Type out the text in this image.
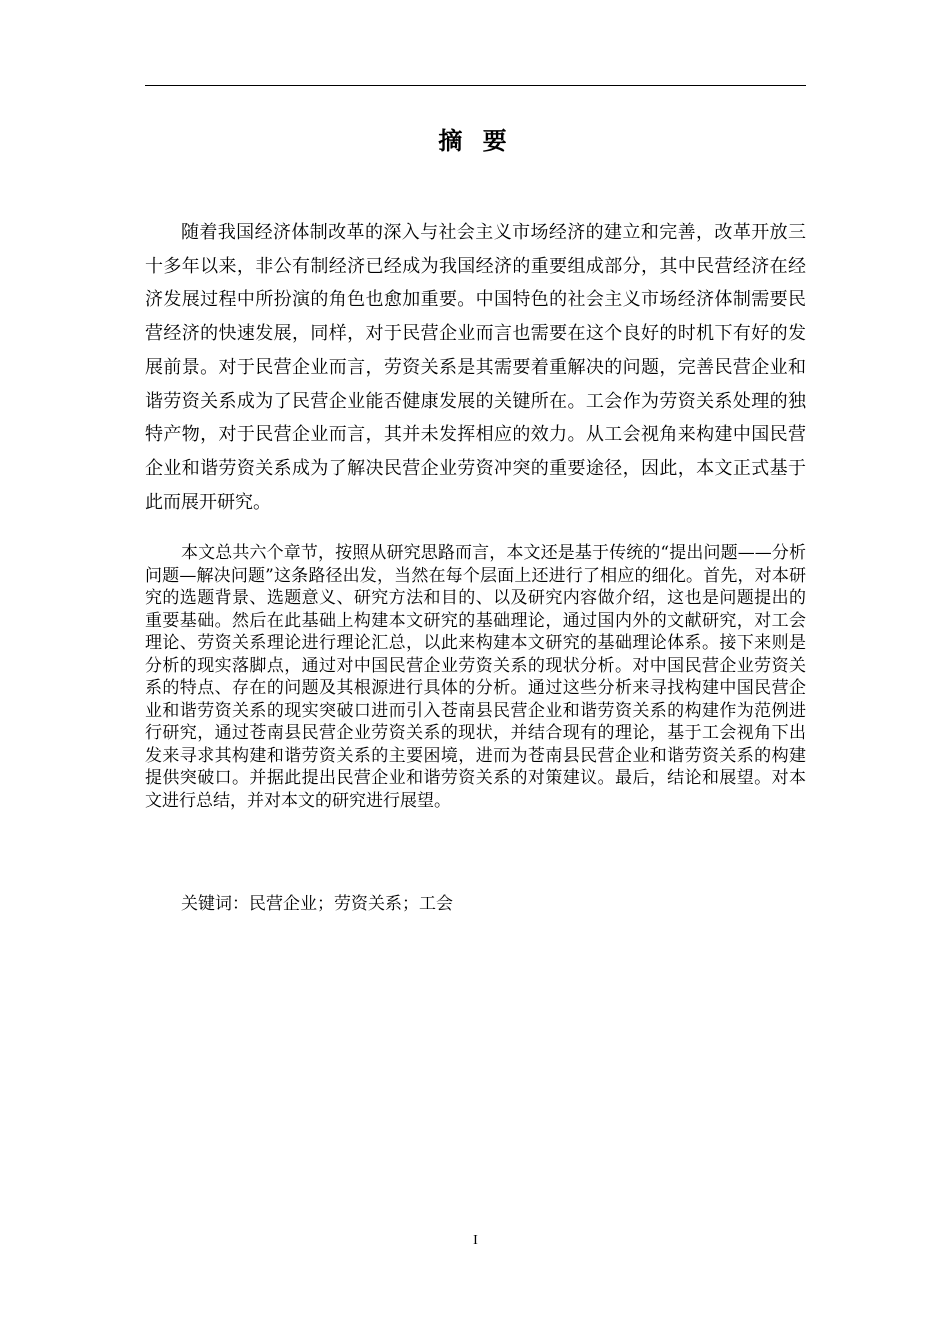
摘 要

随着我国经济体制改革的深入与社会主义市场经济的建立和完善，改革开放三十多年以来，非公有制经济已经成为我国经济的重要组成部分，其中民营经济在经济发展过程中所扮演的角色也愈加重要。中国特色的社会主义市场经济体制需要民营经济的快速发展，同样，对于民营企业而言也需要在这个良好的时机下有好的发展前景。对于民营企业而言，劳资关系是其需要着重解决的问题，完善民营企业和谐劳资关系成为了民营企业能否健康发展的关键所在。工会作为劳资关系处理的独特产物，对于民营企业而言，其并未发挥相应的效力。从工会视角来构建中国民营企业和谐劳资关系成为了解决民营企业劳资冲突的重要途径，因此，本文正式基于此而展开研究。

本文总共六个章节，按照从研究思路而言，本文还是基于传统的“提出问题——分析问题—解决问题”这条路径出发，当然在每个层面上还进行了相应的细化。首先，对本研究的选题背景、选题意义、研究方法和目的、以及研究内容做介绍，这也是问题提出的重要基础。然后在此基础上构建本文研究的基础理论，通过国内外的文献研究，对工会理论、劳资关系理论进行理论汇总，以此来构建本文研究的基础理论体系。接下来则是分析的现实落脚点，通过对中国民营企业劳资关系的现状分析。对中国民营企业劳资关系的特点、存在的问题及其根源进行具体的分析。通过这些分析来寻找构建中国民营企业和谐劳资关系的现实突破口进而引入苍南县民营企业和谐劳资关系的构建作为范例进行研究，通过苍南县民营企业劳资关系的现状，并结合现有的理论，基于工会视角下出发来寻求其构建和谐劳资关系的主要困境，进而为苍南县民营企业和谐劳资关系的构建提供突破口。并据此提出民营企业和谐劳资关系的对策建议。最后，结论和展望。对本文进行总结，并对本文的研究进行展望。

关键词：民营企业；劳资关系；工会

I
